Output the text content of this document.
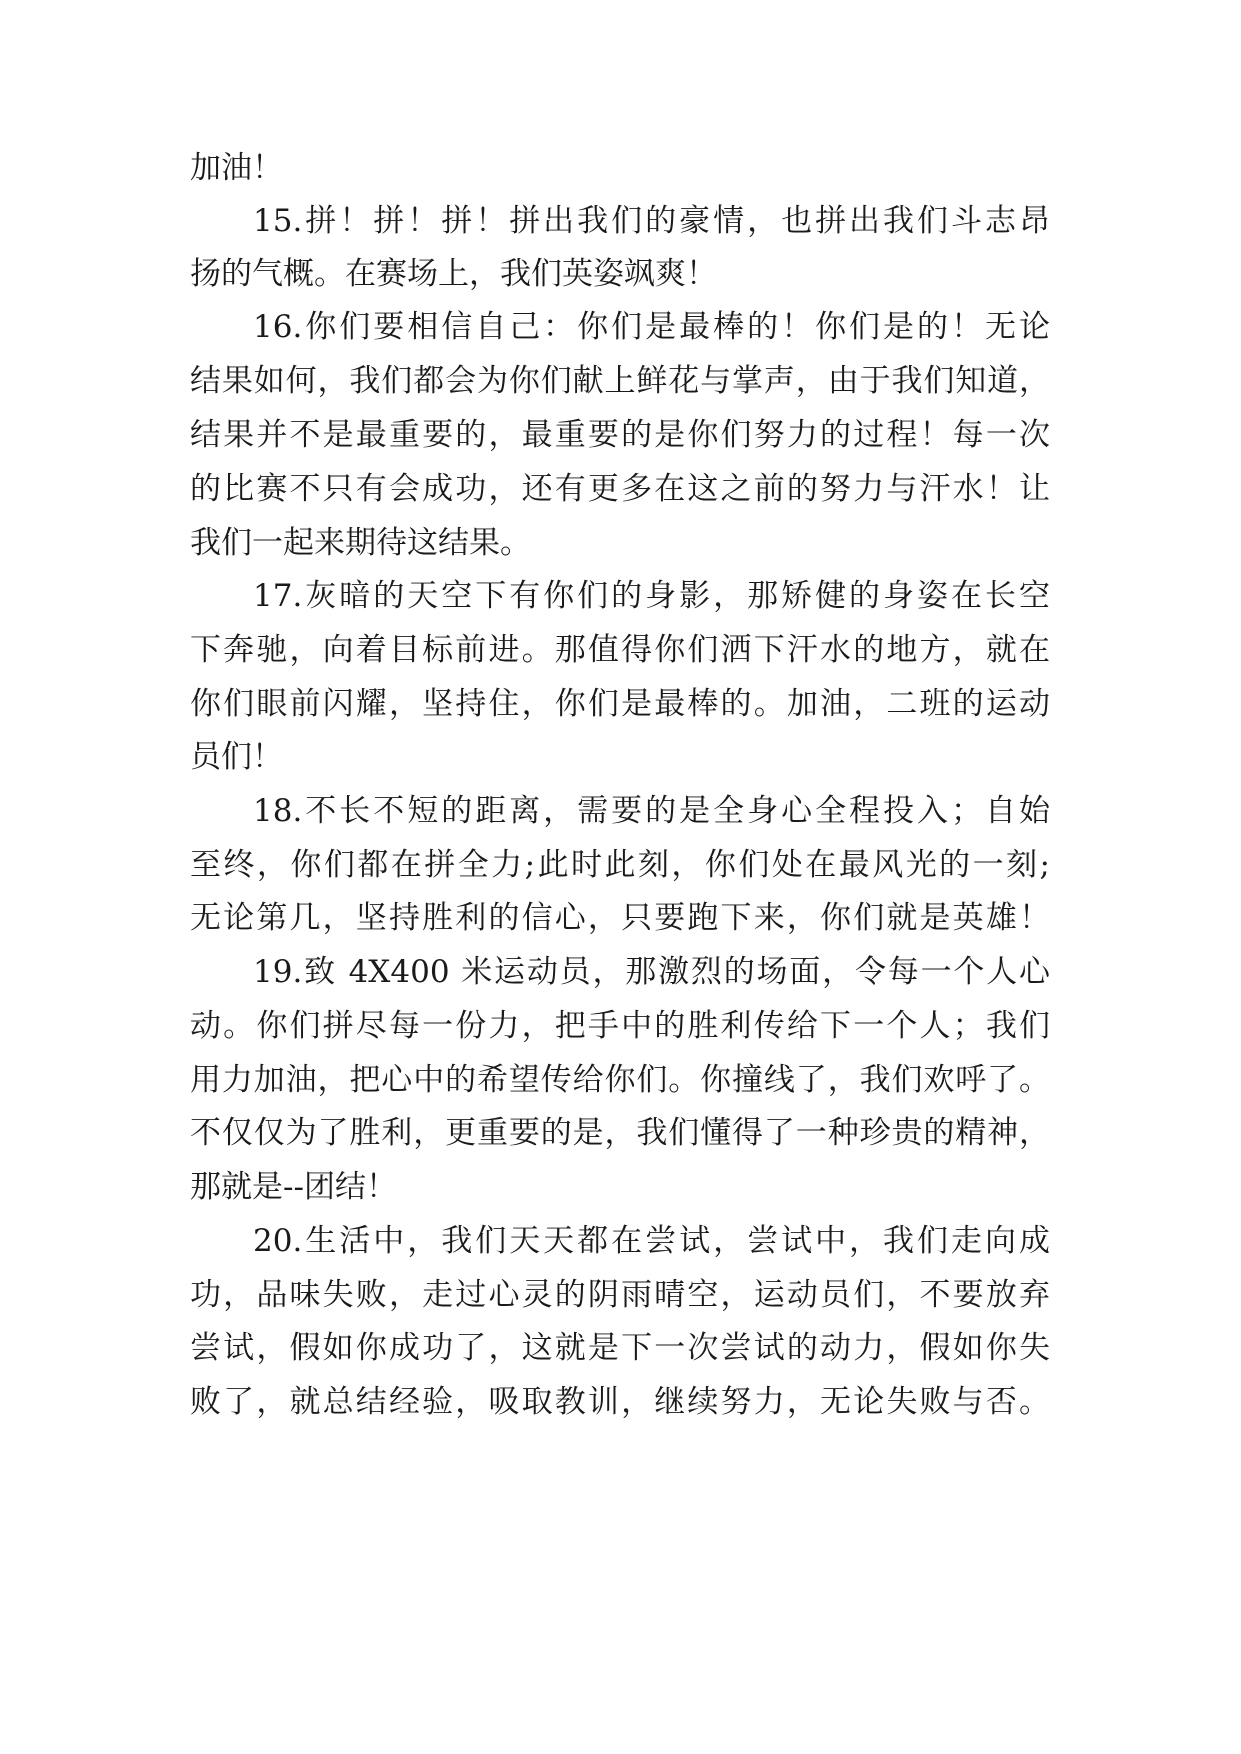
加油！
15.拼！拼！拼！拼出我们的豪情，也拼出我们斗志昂
扬的气概。在赛场上，我们英姿飒爽！
16.你们要相信自己：你们是最棒的！你们是的！无论
结果如何，我们都会为你们献上鲜花与掌声，由于我们知道，
结果并不是最重要的，最重要的是你们努力的过程！每一次
的比赛不只有会成功，还有更多在这之前的努力与汗水！让
我们一起来期待这结果。
17.灰暗的天空下有你们的身影，那矫健的身姿在长空
下奔驰，向着目标前进。那值得你们洒下汗水的地方，就在
你们眼前闪耀，坚持住，你们是最棒的。加油，二班的运动
员们！
18.不长不短的距离，需要的是全身心全程投入；自始
至终，你们都在拼全力;此时此刻，你们处在最风光的一刻;
无论第几，坚持胜利的信心，只要跑下来，你们就是英雄！
19.致 4X400 米运动员，那激烈的场面，令每一个人心
动。你们拼尽每一份力，把手中的胜利传给下一个人；我们
用力加油，把心中的希望传给你们。你撞线了，我们欢呼了。
不仅仅为了胜利，更重要的是，我们懂得了一种珍贵的精神，
那就是--团结！
20.生活中，我们天天都在尝试，尝试中，我们走向成
功，品味失败，走过心灵的阴雨晴空，运动员们，不要放弃
尝试，假如你成功了，这就是下一次尝试的动力，假如你失
败了，就总结经验，吸取教训，继续努力，无论失败与否。
